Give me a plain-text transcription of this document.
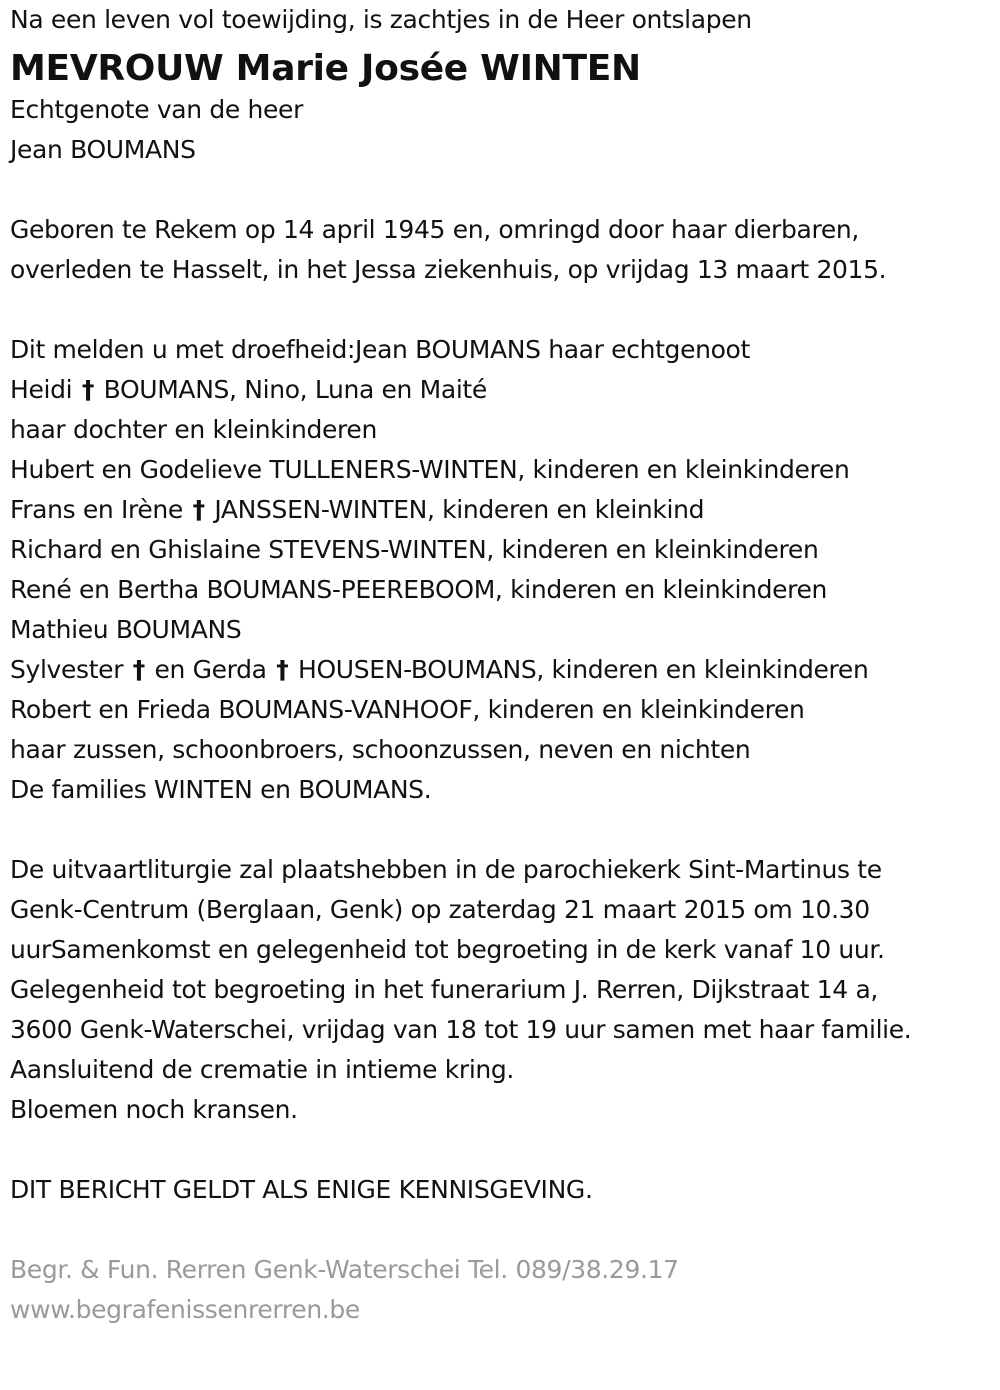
Na een leven vol toewijding, is zachtjes in de Heer ontslapen
MEVROUW Marie Josée WINTEN
Echtgenote van de heer
Jean BOUMANS
Geboren te Rekem op 14 april 1945 en, omringd door haar dierbaren,
overleden te Hasselt, in het Jessa ziekenhuis, op vrijdag 13 maart 2015.
Dit melden u met droefheid:Jean BOUMANS haar echtgenoot
Heidi † BOUMANS, Nino, Luna en Maité
haar dochter en kleinkinderen
Hubert en Godelieve TULLENERS-WINTEN, kinderen en kleinkinderen
Frans en Irène † JANSSEN-WINTEN, kinderen en kleinkind
Richard en Ghislaine STEVENS-WINTEN, kinderen en kleinkinderen
René en Bertha BOUMANS-PEEREBOOM, kinderen en kleinkinderen
Mathieu BOUMANS
Sylvester † en Gerda † HOUSEN-BOUMANS, kinderen en kleinkinderen
Robert en Frieda BOUMANS-VANHOOF, kinderen en kleinkinderen
haar zussen, schoonbroers, schoonzussen, neven en nichten
De families WINTEN en BOUMANS.
De uitvaartliturgie zal plaatshebben in de parochiekerk Sint-Martinus te
Genk-Centrum (Berglaan, Genk) op zaterdag 21 maart 2015 om 10.30
uurSamenkomst en gelegenheid tot begroeting in de kerk vanaf 10 uur.
Gelegenheid tot begroeting in het funerarium J. Rerren, Dijkstraat 14 a,
3600 Genk-Waterschei, vrijdag van 18 tot 19 uur samen met haar familie.
Aansluitend de crematie in intieme kring.
Bloemen noch kransen.
DIT BERICHT GELDT ALS ENIGE KENNISGEVING.
Begr. & Fun. Rerren Genk-Waterschei Tel. 089/38.29.17
www.begrafenissenrerren.be
